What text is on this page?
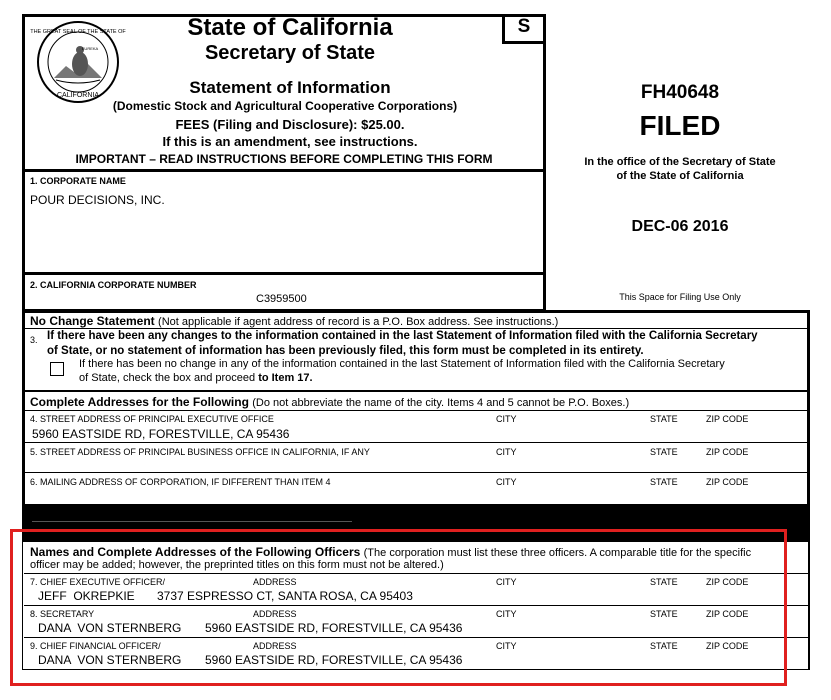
THE GREAT SEAL OF THE STATE OF
CALIFORNIA
EUREKA
State of California
Secretary of State
S
Statement of Information
(Domestic Stock and Agricultural Cooperative Corporations)
FEES (Filing and Disclosure): $25.00.
If this is an amendment, see instructions.
IMPORTANT – READ INSTRUCTIONS BEFORE COMPLETING THIS FORM
FH40648
FILED
In the office of the Secretary of State
of the State of California
DEC-06 2016
This Space for Filing Use Only
1. CORPORATE NAME
POUR DECISIONS, INC.
2. CALIFORNIA CORPORATE NUMBER
C3959500
No Change Statement (Not applicable if agent address of record is a P.O. Box address. See instructions.)
3. If there have been any changes to the information contained in the last Statement of Information filed with the California Secretary
of State, or no statement of information has been previously filed, this form must be completed in its entirety.
If there has been no change in any of the information contained in the last Statement of Information filed with the California Secretary
of State, check the box and proceed to Item 17.
Complete Addresses for the Following (Do not abbreviate the name of the city. Items 4 and 5 cannot be P.O. Boxes.)
4. STREET ADDRESS OF PRINCIPAL EXECUTIVE OFFICE	CITY	STATE	ZIP CODE
5960 EASTSIDE RD, FORESTVILLE, CA 95436
5. STREET ADDRESS OF PRINCIPAL BUSINESS OFFICE IN CALIFORNIA, IF ANY	CITY	STATE	ZIP CODE
6. MAILING ADDRESS OF CORPORATION, IF DIFFERENT THAN ITEM 4	CITY	STATE	ZIP CODE
Names and Complete Addresses of the Following Officers (The corporation must list these three officers. A comparable title for the specific
officer may be added; however, the preprinted titles on this form must not be altered.)
7. CHIEF EXECUTIVE OFFICER/	ADDRESS	CITY	STATE	ZIP CODE
JEFF  OKREPKIE 3737 ESPRESSO CT, SANTA ROSA, CA 95403
8. SECRETARY	ADDRESS	CITY	STATE	ZIP CODE
DANA  VON STERNBERG 5960 EASTSIDE RD, FORESTVILLE, CA 95436
9. CHIEF FINANCIAL OFFICER/	ADDRESS	CITY	STATE	ZIP CODE
DANA  VON STERNBERG 5960 EASTSIDE RD, FORESTVILLE, CA 95436
